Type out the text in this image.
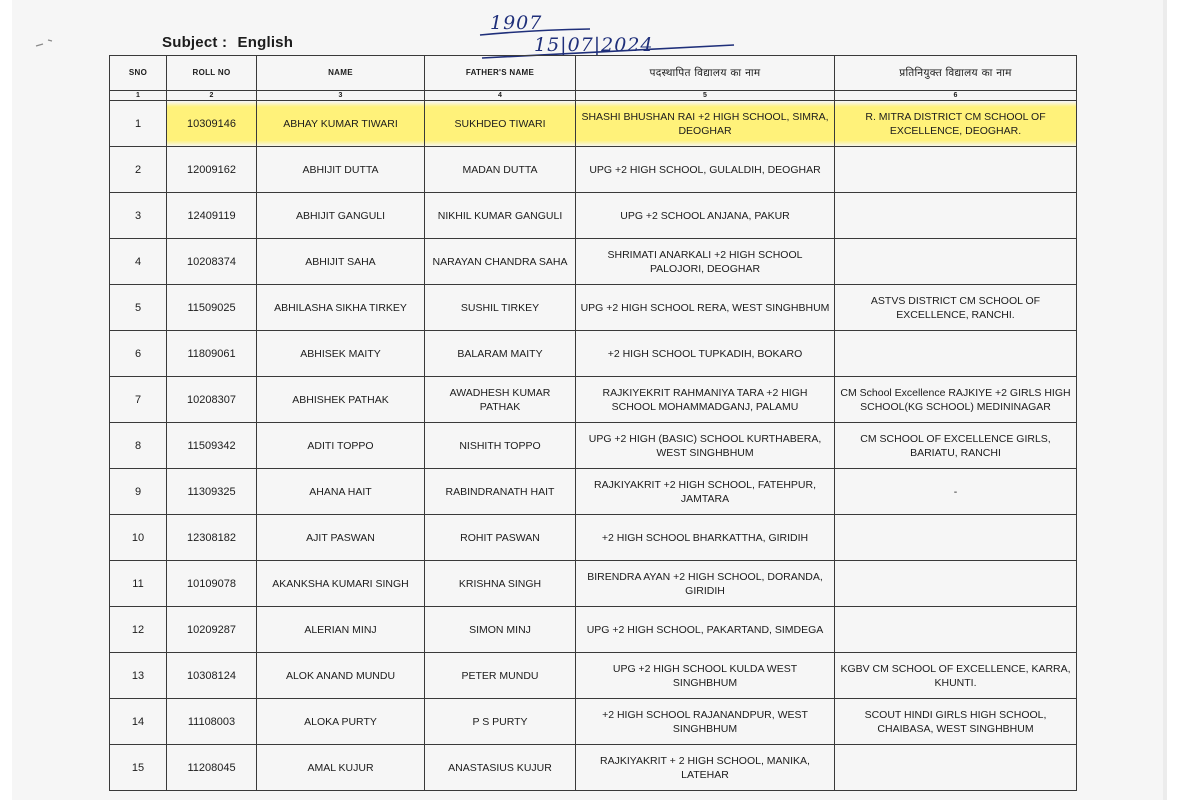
Subject : English
1907
15|07|2024
SNO	ROLL NO	NAME	FATHER'S NAME	पदस्थापित विद्यालय का नाम	प्रतिनियुक्त विद्यालय का नाम
1	2	3	4	5	6
1	10309146	ABHAY KUMAR TIWARI	SUKHDEO TIWARI	SHASHI BHUSHAN RAI +2 HIGH SCHOOL, SIMRA, DEOGHAR	R. MITRA DISTRICT CM SCHOOL OF EXCELLENCE, DEOGHAR.
2	12009162	ABHIJIT DUTTA	MADAN DUTTA	UPG +2 HIGH SCHOOL, GULALDIH, DEOGHAR	
3	12409119	ABHIJIT GANGULI	NIKHIL KUMAR GANGULI	UPG +2 SCHOOL ANJANA, PAKUR	
4	10208374	ABHIJIT SAHA	NARAYAN CHANDRA SAHA	SHRIMATI ANARKALI +2 HIGH SCHOOL PALOJORI, DEOGHAR	
5	11509025	ABHILASHA SIKHA TIRKEY	SUSHIL TIRKEY	UPG +2 HIGH SCHOOL RERA, WEST SINGHBHUM	ASTVS DISTRICT CM SCHOOL OF EXCELLENCE, RANCHI.
6	11809061	ABHISEK MAITY	BALARAM MAITY	+2 HIGH SCHOOL TUPKADIH, BOKARO	
7	10208307	ABHISHEK PATHAK	AWADHESH KUMAR PATHAK	RAJKIYEKRIT RAHMANIYA TARA +2 HIGH SCHOOL MOHAMMADGANJ, PALAMU	CM School Excellence RAJKIYE +2 GIRLS HIGH SCHOOL(KG SCHOOL) MEDININAGAR
8	11509342	ADITI TOPPO	NISHITH TOPPO	UPG +2 HIGH (BASIC) SCHOOL KURTHABERA, WEST SINGHBHUM	CM SCHOOL OF EXCELLENCE GIRLS, BARIATU, RANCHI
9	11309325	AHANA HAIT	RABINDRANATH HAIT	RAJKIYAKRIT +2 HIGH SCHOOL, FATEHPUR, JAMTARA	-
10	12308182	AJIT PASWAN	ROHIT PASWAN	+2 HIGH SCHOOL BHARKATTHA, GIRIDIH	
11	10109078	AKANKSHA KUMARI SINGH	KRISHNA SINGH	BIRENDRA AYAN +2 HIGH SCHOOL, DORANDA, GIRIDIH	
12	10209287	ALERIAN MINJ	SIMON MINJ	UPG +2 HIGH SCHOOL, PAKARTAND, SIMDEGA	
13	10308124	ALOK ANAND MUNDU	PETER MUNDU	UPG +2 HIGH SCHOOL KULDA WEST SINGHBHUM	KGBV CM SCHOOL OF EXCELLENCE, KARRA, KHUNTI.
14	11108003	ALOKA PURTY	P S PURTY	+2 HIGH SCHOOL RAJANANDPUR, WEST SINGHBHUM	SCOUT HINDI GIRLS HIGH SCHOOL, CHAIBASA, WEST SINGHBHUM
15	11208045	AMAL KUJUR	ANASTASIUS KUJUR	RAJKIYAKRIT + 2 HIGH SCHOOL, MANIKA, LATEHAR	
